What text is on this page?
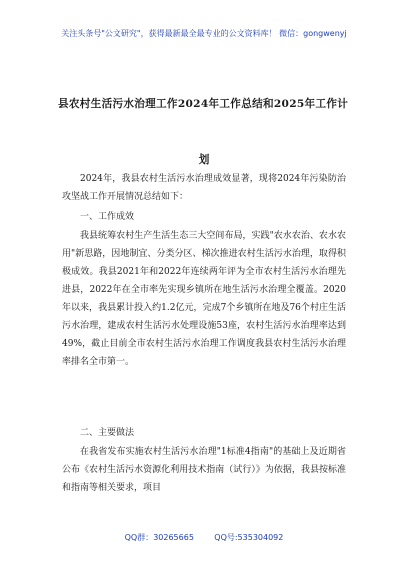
关注头条号"公文研究"，获得最新最全最专业的公文资料库！ 微信：gongwenyj
县农村生活污水治理工作2024年工作总结和2025年工作计
划

2024年，我县农村生活污水治理成效显著，现将2024年污染防治攻坚战工作开展情况总结如下：

一、工作成效

我县统筹农村生产生活生态三大空间布局，实践"农水农治、农水农用"新思路，因地制宜、分类分区、梯次推进农村生活污水治理，取得积极成效。我县2021年和2022年连续两年评为全市农村生活污水治理先进县，2022年在全市率先实现乡镇所在地生活污水治理全覆盖。2020年以来，我县累计投入约1.2亿元，完成7个乡镇所在地及76个村庄生活污水治理，建成农村生活污水处理设施53座，农村生活污水治理率达到49%，截止目前全市农村生活污水治理工作调度我县农村生活污水治理率排名全市第一。

二、主要做法

在我省发布实施农村生活污水治理"1标准4指南"的基础上及近期省公布《农村生活污水资源化利用技术指南（试行）》为依据，我县按标准和指南等相关要求，项目

QQ群：30265665	QQ号:535304092
